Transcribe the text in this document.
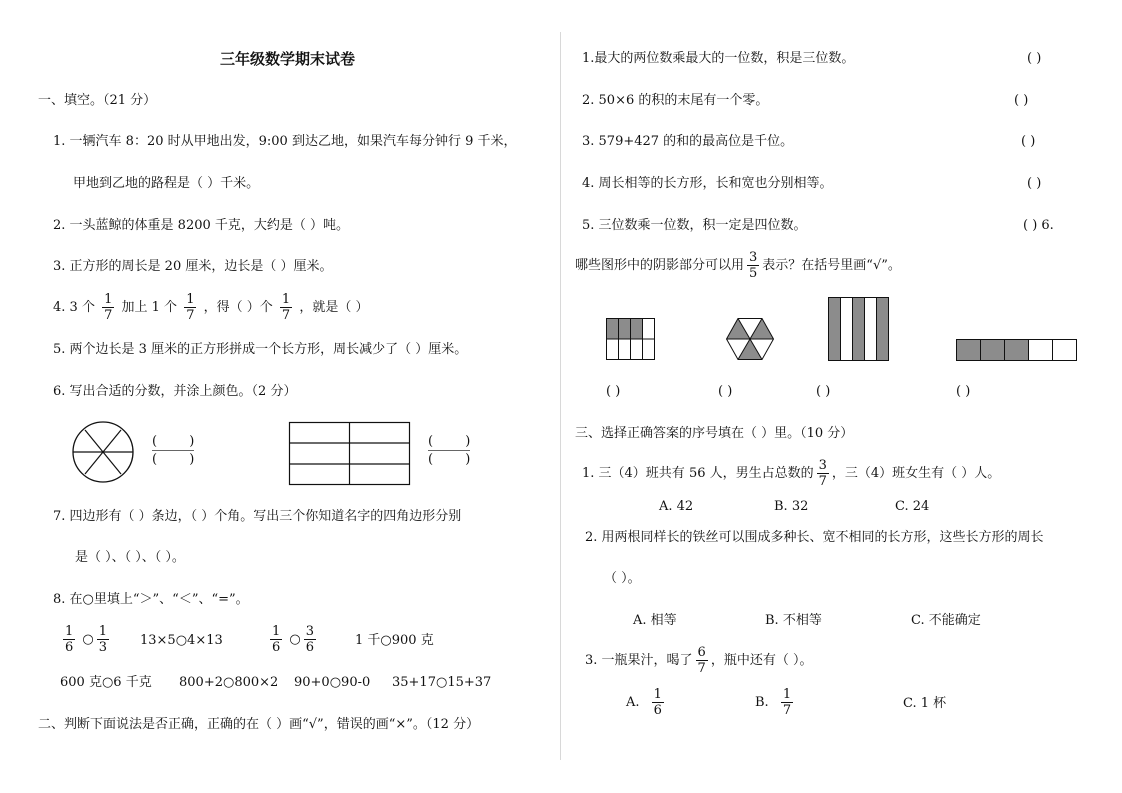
三年级数学期末试卷
一、填空。（21 分）
1. 一辆汽车 8：20 时从甲地出发，9:00 到达乙地，如果汽车每分钟行 9 千米，
甲地到乙地的路程是（ ）千米。
2. 一头蓝鲸的体重是 8200 千克，大约是（ ）吨。
3. 正方形的周长是 20 厘米，边长是（ ）厘米。
4. 3 个 $\frac{1}{7}$ 加上 1 个 $\frac{1}{7}$ ，得（ ）个 $\frac{1}{7}$ ，就是（ ）
5. 两个边长是 3 厘米的正方形拼成一个长方形，周长减少了（ ）厘米。
6. 写出合适的分数，并涂上颜色。（2 分）
( )
( )
( )
( )
7. 四边形有（ ）条边，（ ）个角。写出三个你知道名字的四角边形分别
是（ ）、（ ）、（ ）。
8. 在○里填上“＞”、“＜”、“=”。
$\frac{1}{6}$ ○ $\frac{1}{3}$ 13×5○4×13	$\frac{1}{6}$ ○ $\frac{3}{6}$	1 千○900 克
600 克○6 千克 800+2○800×2 90+0○90-0 35+17○15+37
二、判断下面说法是否正确，正确的在（ ）画“√”，错误的画“×”。（12 分）
1.最大的两位数乘最大的一位数，积是三位数。	( )
2. 50×6 的积的末尾有一个零。	( )
3. 579+427 的和的最高位是千位。	( )
4. 周长相等的长方形，长和宽也分别相等。	( )
5. 三位数乘一位数，积一定是四位数。	( ) 6.
哪些图形中的阴影部分可以用 $\frac{3}{5}$ 表示？在括号里画“√”。
( )	( )	( )	( )
三、选择正确答案的序号填在（ ）里。（10 分）
1. 三（4）班共有 56 人，男生占总数的 $\frac{3}{7}$ ，三（4）班女生有（ ）人。
A. 42	B. 32	C. 24
2. 用两根同样长的铁丝可以围成多种长、宽不相同的长方形，这些长方形的周长
（ ）。
A. 相等	B. 不相等	C. 不能确定
3. 一瓶果汁，喝了 $\frac{6}{7}$ ，瓶中还有（ ）。
A. $\frac{1}{6}$	B. $\frac{1}{7}$	C. 1 杯
